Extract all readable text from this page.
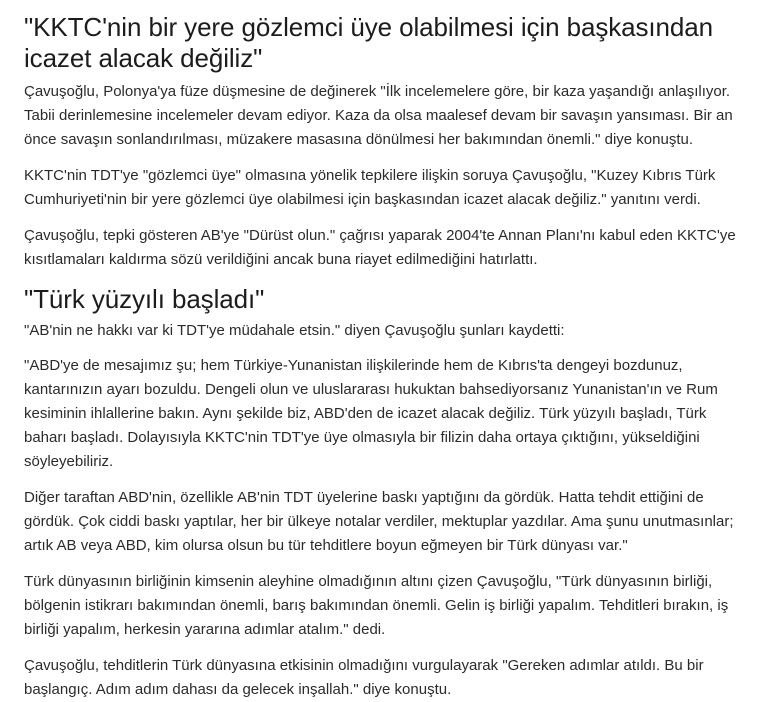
"KKTC'nin bir yere gözlemci üye olabilmesi için başkasından icazet alacak değiliz"

Çavuşoğlu, Polonya'ya füze düşmesine de değinerek "İlk incelemelere göre, bir kaza yaşandığı anlaşılıyor. Tabii derinlemesine incelemeler devam ediyor. Kaza da olsa maalesef devam bir savaşın yansıması. Bir an önce savaşın sonlandırılması, müzakere masasına dönülmesi her bakımından önemli." diye konuştu.

KKTC'nin TDT'ye "gözlemci üye" olmasına yönelik tepkilere ilişkin soruya Çavuşoğlu, "Kuzey Kıbrıs Türk Cumhuriyeti'nin bir yere gözlemci üye olabilmesi için başkasından icazet alacak değiliz." yanıtını verdi.

Çavuşoğlu, tepki gösteren AB'ye "Dürüst olun." çağrısı yaparak 2004'te Annan Planı'nı kabul eden KKTC'ye kısıtlamaları kaldırma sözü verildiğini ancak buna riayet edilmediğini hatırlattı.

"Türk yüzyılı başladı"

"AB'nin ne hakkı var ki TDT'ye müdahale etsin." diyen Çavuşoğlu şunları kaydetti:

"ABD'ye de mesajımız şu; hem Türkiye-Yunanistan ilişkilerinde hem de Kıbrıs'ta dengeyi bozdunuz, kantarınızın ayarı bozuldu. Dengeli olun ve uluslararası hukuktan bahsediyorsanız Yunanistan'ın ve Rum kesiminin ihlallerine bakın. Aynı şekilde biz, ABD'den de icazet alacak değiliz. Türk yüzyılı başladı, Türk baharı başladı. Dolayısıyla KKTC'nin TDT'ye üye olmasıyla bir filizin daha ortaya çıktığını, yükseldiğini söyleyebiliriz.

Diğer taraftan ABD'nin, özellikle AB'nin TDT üyelerine baskı yaptığını da gördük. Hatta tehdit ettiğini de gördük. Çok ciddi baskı yaptılar, her bir ülkeye notalar verdiler, mektuplar yazdılar. Ama şunu unutmasınlar; artık AB veya ABD, kim olursa olsun bu tür tehditlere boyun eğmeyen bir Türk dünyası var."

Türk dünyasının birliğinin kimsenin aleyhine olmadığının altını çizen Çavuşoğlu, "Türk dünyasının birliği, bölgenin istikrarı bakımından önemli, barış bakımından önemli. Gelin iş birliği yapalım. Tehditleri bırakın, iş birliği yapalım, herkesin yararına adımlar atalım." dedi.

Çavuşoğlu, tehditlerin Türk dünyasına etkisinin olmadığını vurgulayarak "Gereken adımlar atıldı. Bu bir başlangıç. Adım adım dahası da gelecek inşallah." diye konuştu.
